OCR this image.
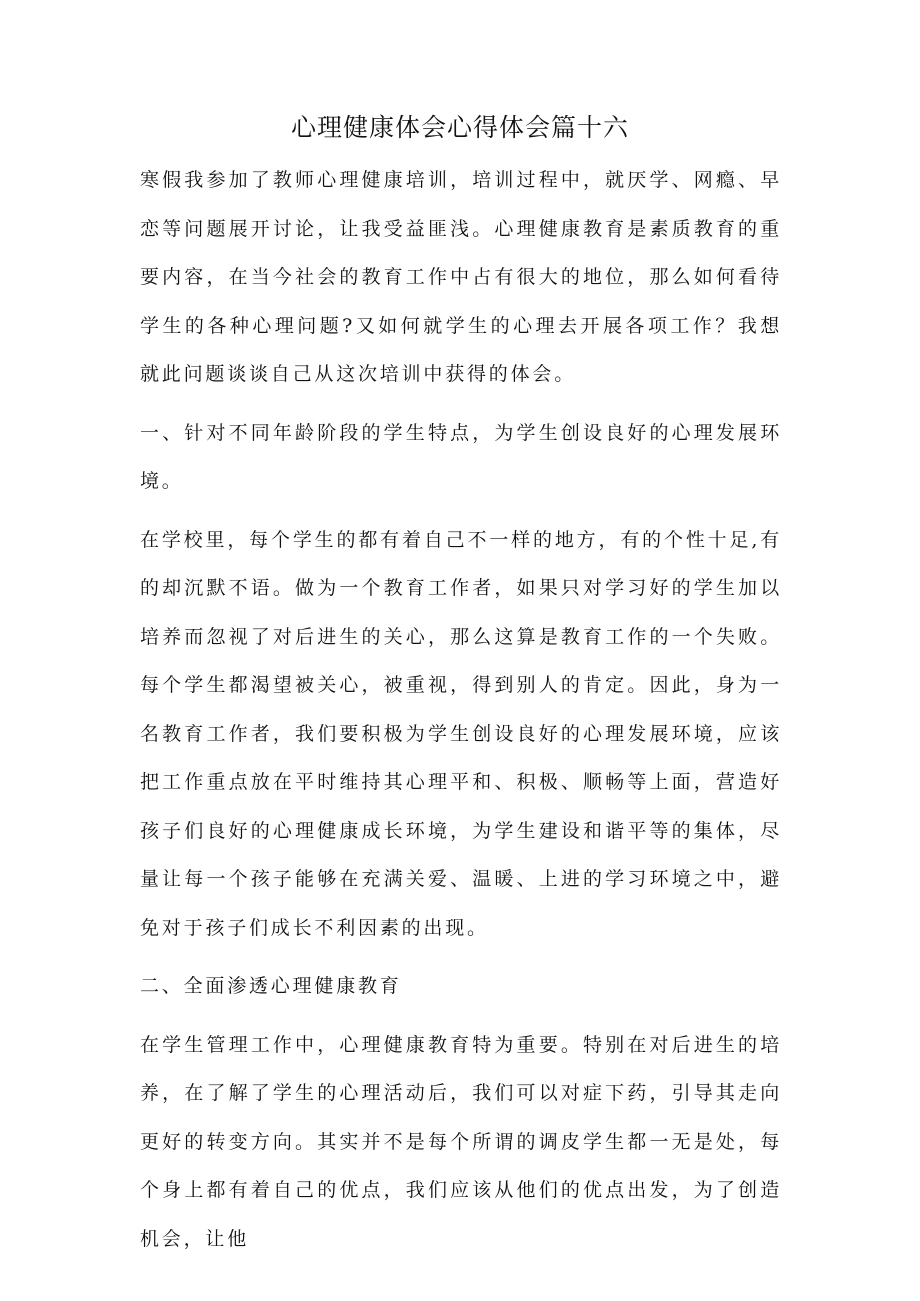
心理健康体会心得体会篇十六

寒假我参加了教师心理健康培训，培训过程中，就厌学、网瘾、早恋等问题展开讨论，让我受益匪浅。心理健康教育是素质教育的重要内容，在当今社会的教育工作中占有很大的地位，那么如何看待学生的各种心理问题?又如何就学生的心理去开展各项工作？我想就此问题谈谈自己从这次培训中获得的体会。

一、针对不同年龄阶段的学生特点，为学生创设良好的心理发展环境。

在学校里，每个学生的都有着自己不一样的地方，有的个性十足,有的却沉默不语。做为一个教育工作者，如果只对学习好的学生加以培养而忽视了对后进生的关心，那么这算是教育工作的一个失败。每个学生都渴望被关心，被重视，得到别人的肯定。因此，身为一名教育工作者，我们要积极为学生创设良好的心理发展环境，应该把工作重点放在平时维持其心理平和、积极、顺畅等上面，营造好孩子们良好的心理健康成长环境，为学生建设和谐平等的集体，尽量让每一个孩子能够在充满关爱、温暖、上进的学习环境之中，避免对于孩子们成长不利因素的出现。

二、全面渗透心理健康教育

在学生管理工作中，心理健康教育特为重要。特别在对后进生的培养，在了解了学生的心理活动后，我们可以对症下药，引导其走向更好的转变方向。其实并不是每个所谓的调皮学生都一无是处，每个身上都有着自己的优点，我们应该从他们的优点出发，为了创造机会，让他
